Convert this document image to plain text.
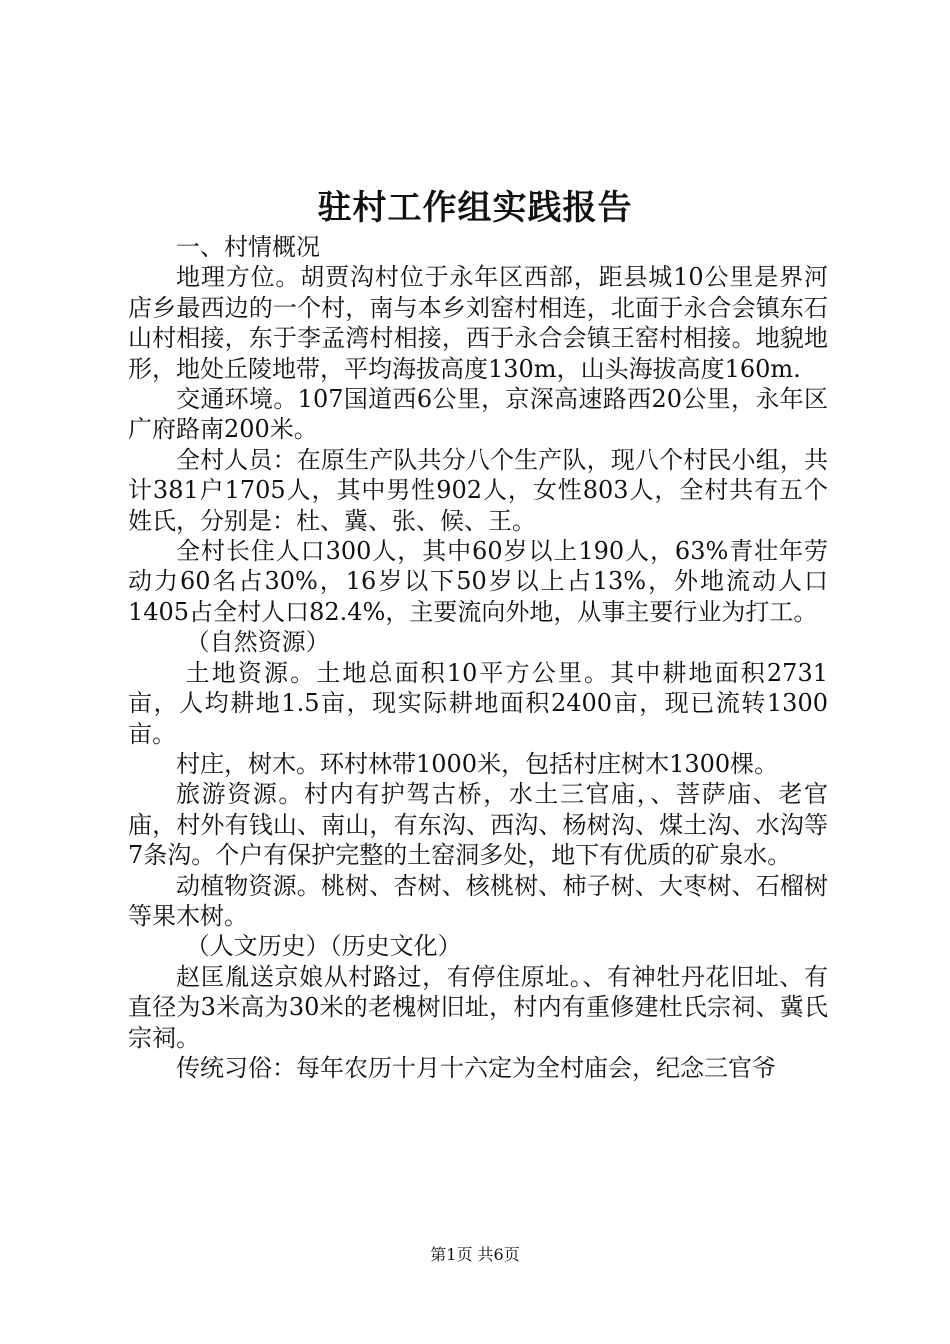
驻村工作组实践报告

一、村情概况

地理方位。胡贾沟村位于永年区西部，距县城10公里是界河店乡最西边的一个村，南与本乡刘窑村相连，北面于永合会镇东石山村相接，东于李孟湾村相接，西于永合会镇王窑村相接。地貌地形，地处丘陵地带，平均海拔高度130m，山头海拔高度160m.

交通环境。107国道西6公里，京深高速路西20公里，永年区广府路南200米。

全村人员：在原生产队共分八个生产队，现八个村民小组，共计381户1705人，其中男性902人，女性803人，全村共有五个姓氏，分别是：杜、冀、张、候、王。

全村长住人口300人，其中60岁以上190人，63%青壮年劳动力60名占30%，16岁以下50岁以上占13%，外地流动人口1405占全村人口82.4%，主要流向外地，从事主要行业为打工。

（自然资源）

土地资源。土地总面积10平方公里。其中耕地面积2731亩，人均耕地1.5亩，现实际耕地面积2400亩，现已流转1300亩。

村庄，树木。环村林带1000米，包括村庄树木1300棵。

旅游资源。村内有护驾古桥，水土三官庙，、菩萨庙、老官庙，村外有钱山、南山，有东沟、西沟、杨树沟、煤土沟、水沟等7条沟。个户有保护完整的土窑洞多处，地下有优质的矿泉水。

动植物资源。桃树、杏树、核桃树、柿子树、大枣树、石榴树等果木树。

（人文历史）（历史文化）

赵匡胤送京娘从村路过，有停住原址。、有神牡丹花旧址、有直径为3米高为30米的老槐树旧址，村内有重修建杜氏宗祠、冀氏宗祠。

传统习俗：每年农历十月十六定为全村庙会，纪念三官爷

第1页 共6页
